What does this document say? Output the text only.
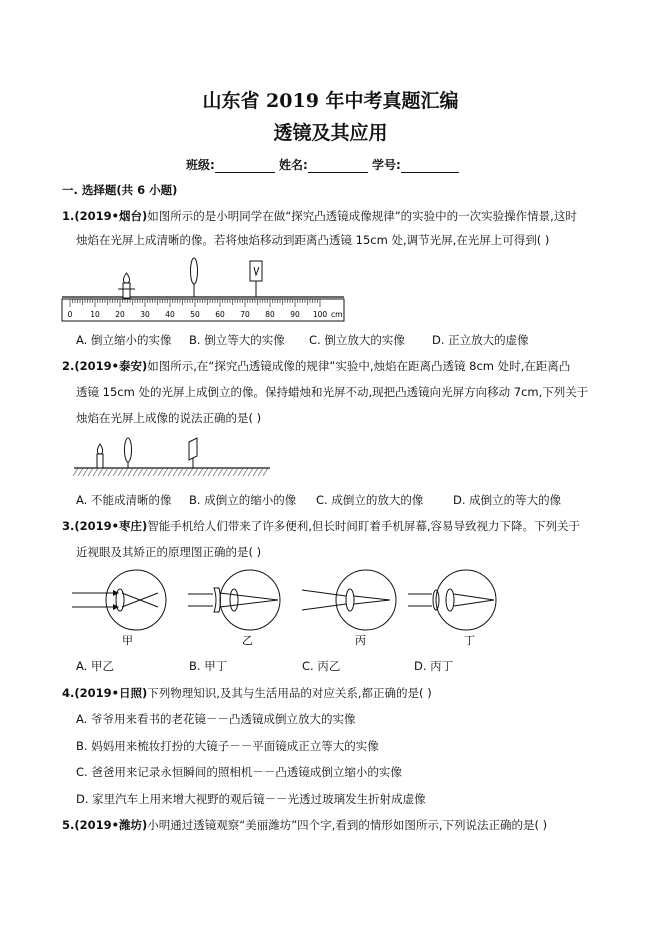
山东省 2019 年中考真题汇编
透镜及其应用
班级:	姓名:	学号:
一. 选择题(共 6 小题)
1.(2019•烟台)如图所示的是小明同学在做“探究凸透镜成像规律”的实验中的一次实验操作情景,这时
烛焰在光屏上成清晰的像。若将烛焰移动到距离凸透镜 15cm 处,调节光屏,在光屏上可得到( )
0 10 20 30 40 50 60 70 80 90 100 cm
A. 倒立缩小的实像 B. 倒立等大的实像 C. 倒立放大的实像 D. 正立放大的虚像
2.(2019•泰安)如图所示,在“探究凸透镜成像的规律”实验中,烛焰在距离凸透镜 8cm 处时,在距离凸
透镜 15cm 处的光屏上成倒立的像。保持蜡烛和光屏不动,现把凸透镜向光屏方向移动 7cm,下列关于
烛焰在光屏上成像的说法正确的是( )
A. 不能成清晰的像 B. 成倒立的缩小的像 C. 成倒立的放大的像	D. 成倒立的等大的像
3.(2019•枣庄)智能手机给人们带来了许多便利,但长时间盯着手机屏幕,容易导致视力下降。下列关于
近视眼及其矫正的原理图正确的是( )
甲	乙	丙	丁
A. 甲乙	B. 甲丁	C. 丙乙	D. 丙丁
4.(2019•日照)下列物理知识,及其与生活用品的对应关系,都正确的是( )
A. 爷爷用来看书的老花镜－－凸透镜成倒立放大的实像
B. 妈妈用来梳妆打扮的大镜子－－平面镜成正立等大的实像
C. 爸爸用来记录永恒瞬间的照相机－－凸透镜成倒立缩小的实像
D. 家里汽车上用来增大视野的观后镜－－光透过玻璃发生折射成虚像
5.(2019•潍坊)小明通过透镜观察“美丽潍坊”四个字,看到的情形如图所示,下列说法正确的是( )
